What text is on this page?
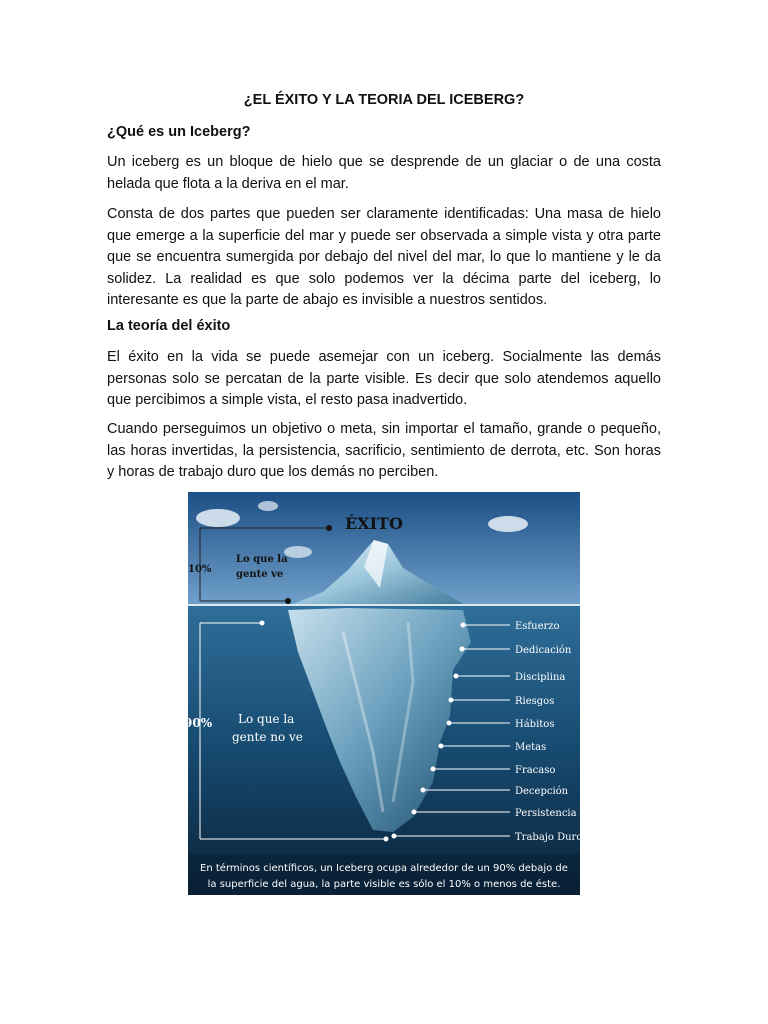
¿EL ÉXITO Y LA TEORIA DEL ICEBERG?
¿Qué es un Iceberg?

Un iceberg es un bloque de hielo que se desprende de un glaciar o de una costa helada que flota a la deriva en el mar.

Consta de dos partes que pueden ser claramente identificadas: Una masa de hielo que emerge a la superficie del mar y puede ser observada a simple vista y otra parte que se encuentra sumergida por debajo del nivel del mar, lo que lo mantiene y le da solidez. La realidad es que solo podemos ver la décima parte del iceberg, lo interesante es que la parte de abajo es invisible a nuestros sentidos.

La teoría del éxito

El éxito en la vida se puede asemejar con un iceberg. Socialmente las demás personas solo se percatan de la parte visible. Es decir que solo atendemos aquello que percibimos a simple vista, el resto pasa inadvertido.

Cuando perseguimos un objetivo o meta, sin importar el tamaño, grande o pequeño, las horas invertidas, la persistencia, sacrificio, sentimiento de derrota, etc. Son horas y horas de trabajo duro que los demás no perciben.

ÉXITO
10%
Lo que la
gente ve
90% Lo que la
gente no ve
Esfuerzo
Dedicación
Disciplina
Riesgos
Hábitos
Metas
Fracaso
Decepción
Persistencia
Trabajo Duro
En términos científicos, un Iceberg ocupa alrededor de un 90% debajo de
la superficie del agua, la parte visible es sólo el 10% o menos de éste.
